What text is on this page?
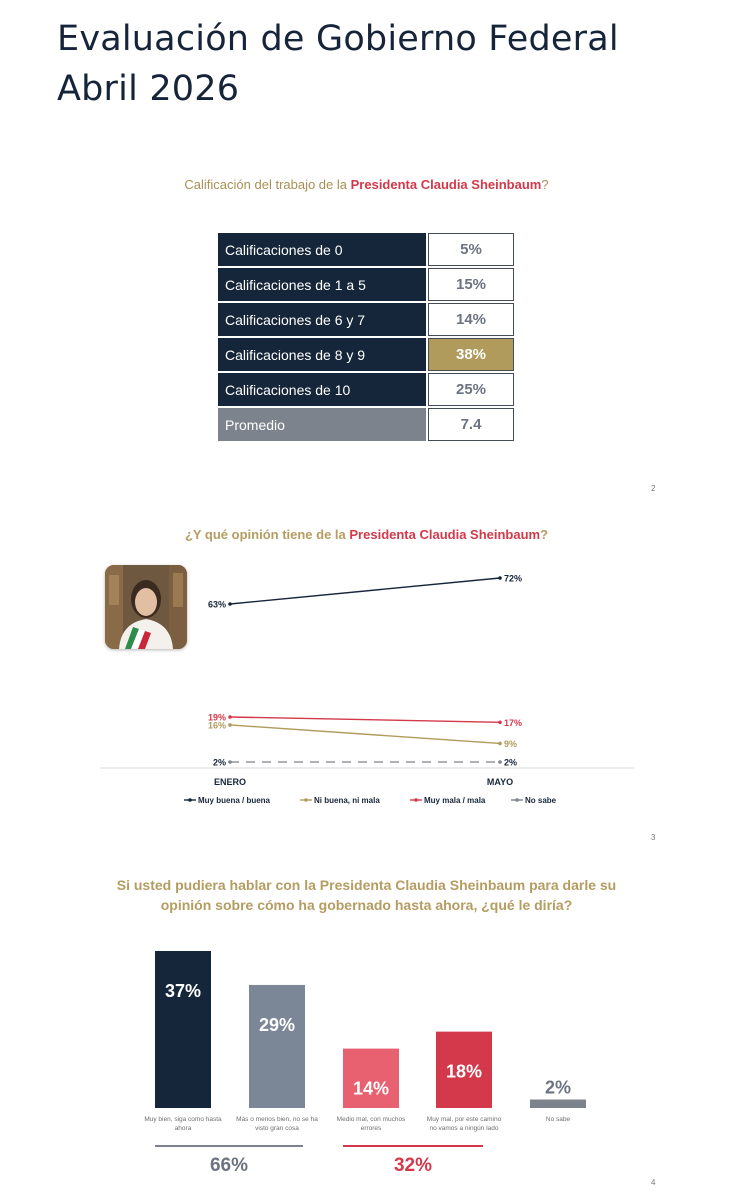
Evaluación de Gobierno Federal
Abril 2026
Calificación del trabajo de la Presidenta Claudia Sheinbaum?
Calificaciones de 0	5%
Calificaciones de 1 a 5	15%
Calificaciones de 6 y 7	14%
Calificaciones de 8 y 9	38%
Calificaciones de 10	25%
Promedio	7.4
2
¿Y qué opinión tiene de la Presidenta Claudia Sheinbaum?
3
Si usted pudiera hablar con la Presidenta Claudia Sheinbaum para darle su
opinión sobre cómo ha gobernado hasta ahora, ¿qué le diría?
4
63%
72%
16%
9%
19%
17%
2%	2%
ENERO	MAYO
Muy buena / buena	Ni buena, ni mala	Muy mala / mala	No sabe
37%
Muy bien, siga como hasta
ahora
29%
Más o menos bien, no se ha
visto gran cosa
14%
Medio mal, con muchos
errores
18%
Muy mal, por este camino
no vamos a ningún lado
2%
No sabe
66%	32%
